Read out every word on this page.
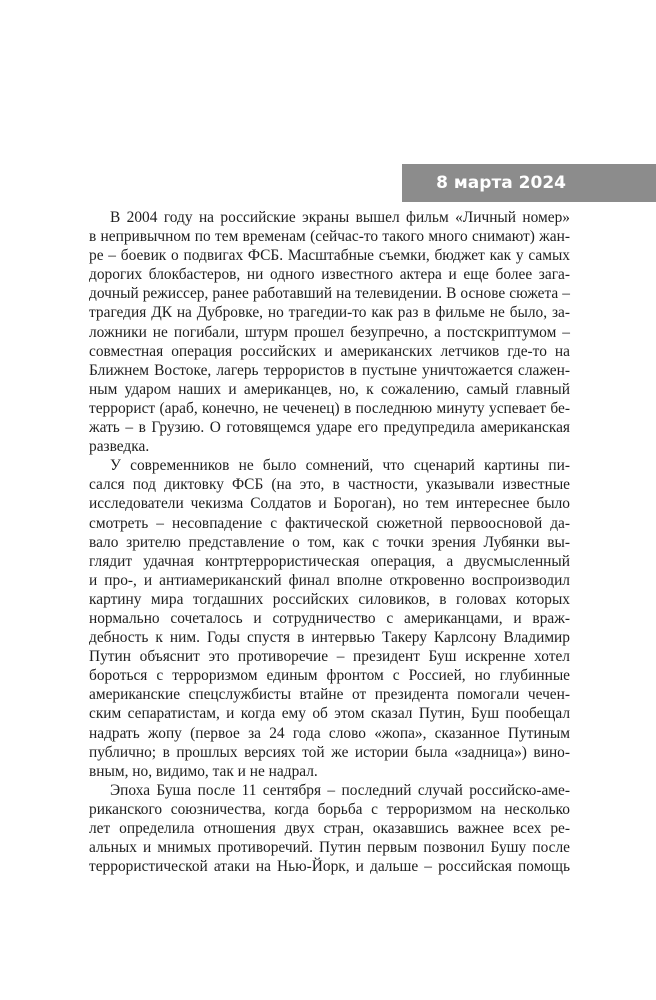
8 марта 2024
В 2004 году на российские экраны вышел фильм «Личный номер»
в непривычном по тем временам (сейчас-то такого много снимают) жан-
ре – боевик о подвигах ФСБ. Масштабные съемки, бюджет как у самых
дорогих блокбастеров, ни одного известного актера и еще более зага-
дочный режиссер, ранее работавший на телевидении. В основе сюжета –
трагедия ДК на Дубровке, но трагедии-то как раз в фильме не было, за-
ложники не погибали, штурм прошел безупречно, а постскриптумом –
совместная операция российских и американских летчиков где-то на
Ближнем Востоке, лагерь террористов в пустыне уничтожается слажен-
ным ударом наших и американцев, но, к сожалению, самый главный
террорист (араб, конечно, не чеченец) в последнюю минуту успевает бе-
жать – в Грузию. О готовящемся ударе его предупредила американская
разведка.
У современников не было сомнений, что сценарий картины пи-
сался под диктовку ФСБ (на это, в частности, указывали известные
исследователи чекизма Солдатов и Бороган), но тем интереснее было
смотреть – несовпадение с фактической сюжетной первоосновой да-
вало зрителю представление о том, как с точки зрения Лубянки вы-
глядит удачная контртеррористическая операция, а двусмысленный
и про-, и антиамериканский финал вполне откровенно воспроизводил
картину мира тогдашних российских силовиков, в головах которых
нормально сочеталось и сотрудничество с американцами, и враж-
дебность к ним. Годы спустя в интервью Такеру Карлсону Владимир
Путин объяснит это противоречие – президент Буш искренне хотел
бороться с терроризмом единым фронтом с Россией, но глубинные
американские спецслужбисты втайне от президента помогали чечен-
ским сепаратистам, и когда ему об этом сказал Путин, Буш пообещал
надрать жопу (первое за 24 года слово «жопа», сказанное Путиным
публично; в прошлых версиях той же истории была «задница») вино-
вным, но, видимо, так и не надрал.
Эпоха Буша после 11 сентября – последний случай российско-аме-
риканского союзничества, когда борьба с терроризмом на несколько
лет определила отношения двух стран, оказавшись важнее всех ре-
альных и мнимых противоречий. Путин первым позвонил Бушу после
террористической атаки на Нью-Йорк, и дальше – российская помощь
